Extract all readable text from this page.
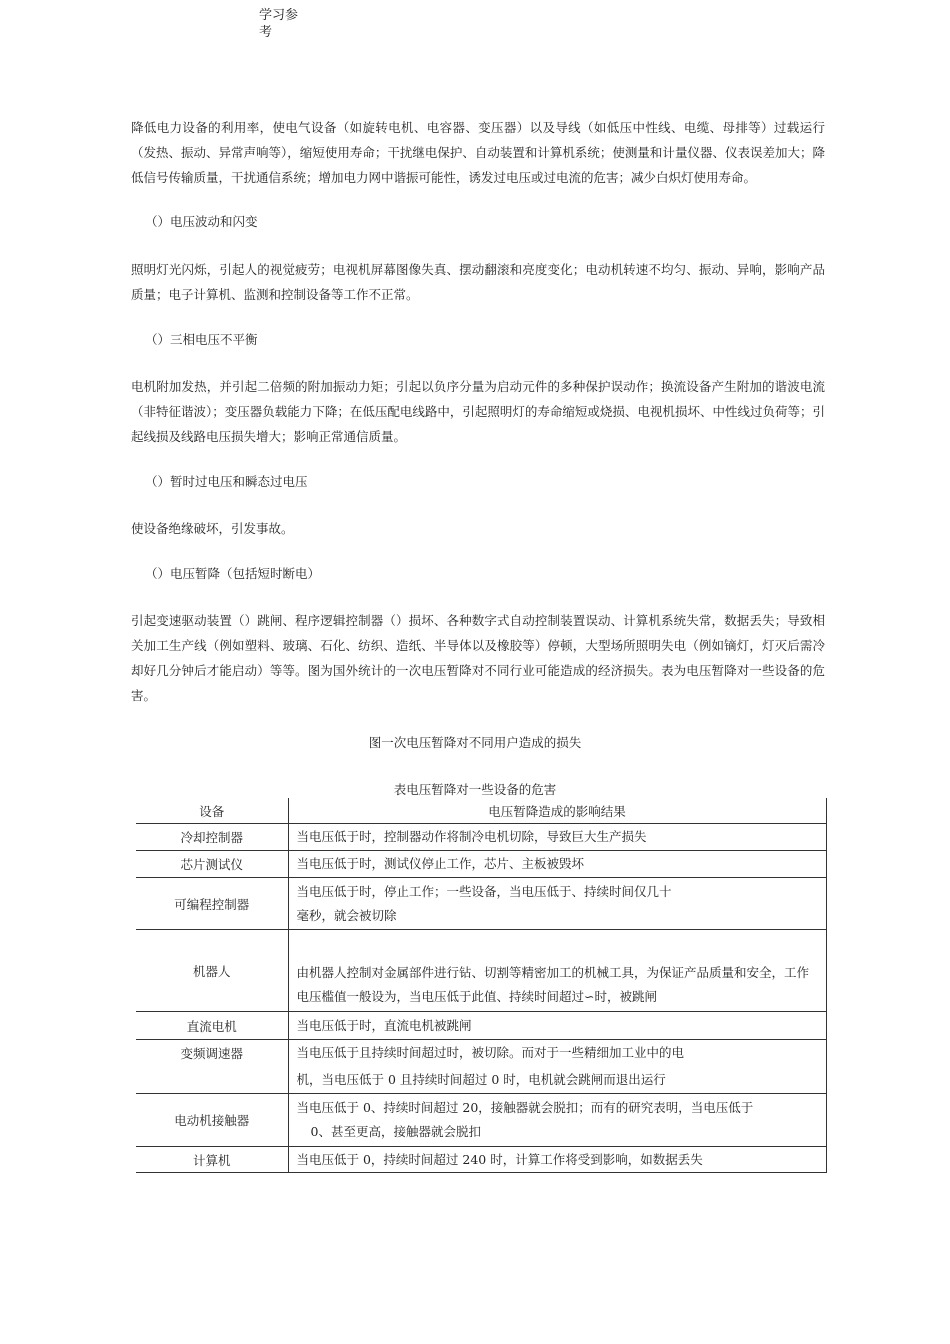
学习参
考
降低电力设备的利用率，使电气设备（如旋转电机、电容器、变压器）以及导线（如低压中性线、电缆、母排等）过载运行（发热、振动、异常声响等），缩短使用寿命；干扰继电保护、自动装置和计算机系统；使测量和计量仪器、仪表误差加大；降低信号传输质量，干扰通信系统；增加电力网中谐振可能性，诱发过电压或过电流的危害；减少白炽灯使用寿命。
（）电压波动和闪变
照明灯光闪烁，引起人的视觉疲劳；电视机屏幕图像失真、摆动翻滚和亮度变化；电动机转速不均匀、振动、异响，影响产品质量；电子计算机、监测和控制设备等工作不正常。
（）三相电压不平衡
电机附加发热，并引起二倍频的附加振动力矩；引起以负序分量为启动元件的多种保护误动作；换流设备产生附加的谐波电流（非特征谐波）；变压器负载能力下降；在低压配电线路中，引起照明灯的寿命缩短或烧损、电视机损坏、中性线过负荷等；引起线损及线路电压损失增大；影响正常通信质量。
（）暂时过电压和瞬态过电压
使设备绝缘破坏，引发事故。
（）电压暂降（包括短时断电）
引起变速驱动装置（）跳闸、程序逻辑控制器（）损坏、各种数字式自动控制装置误动、计算机系统失常，数据丢失；导致相关加工生产线（例如塑料、玻璃、石化、纺织、造纸、半导体以及橡胶等）停顿，大型场所照明失电（例如镝灯，灯灭后需冷却好几分钟后才能启动）等等。图为国外统计的一次电压暂降对不同行业可能造成的经济损失。表为电压暂降对一些设备的危害。
图一次电压暂降对不同用户造成的损失
表电压暂降对一些设备的危害
设备	电压暂降造成的影响结果
冷却控制器	当电压低于时，控制器动作将制冷电机切除，导致巨大生产损失

芯片测试仪	当电压低于时，测试仪停止工作，芯片、主板被毁坏

可编程控制器	当电压低于时，停止工作；一些设备，当电压低于、持续时间仅几十
毫秒，就会被切除

机器人	由机器人控制对金属部件进行钻、切割等精密加工的机械工具，为保证产品质量和安全，工作
电压槛值一般设为，当电压低于此值、持续时间超过∽时，被跳闸

直流电机	当电压低于时，直流电机被跳闸

变频调速器	当电压低于且持续时间超过时，被切除。而对于一些精细加工业中的电

	机，当电压低于 0 且持续时间超过 0 时，电机就会跳闸而退出运行

电动机接触器	当电压低于 0、持续时间超过 20，接触器就会脱扣；而有的研究表明，当电压低于
0、甚至更高，接触器就会脱扣

计算机	当电压低于 0，持续时间超过 240 时，计算工作将受到影响，如数据丢失
